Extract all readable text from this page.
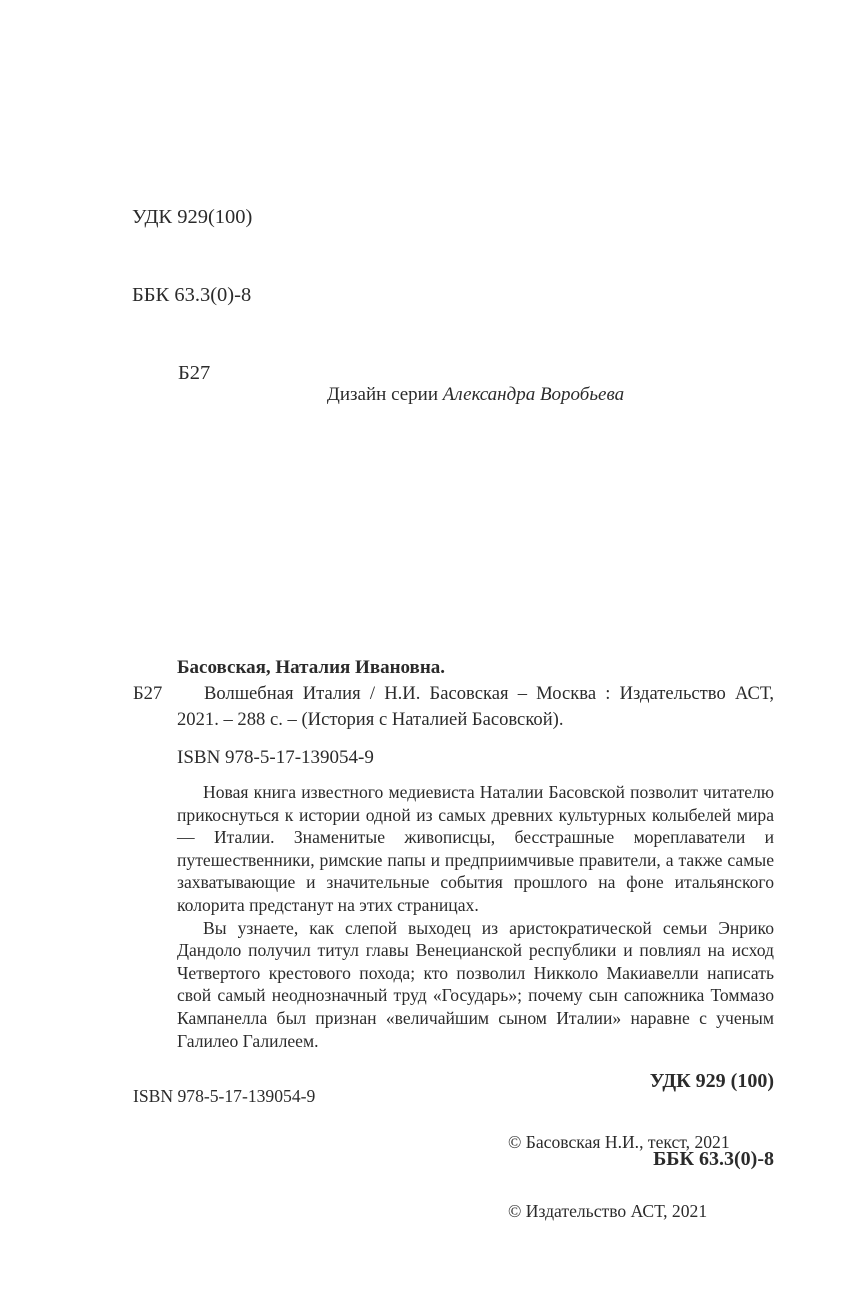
УДК 929(100)

ББК 63.3(0)-8

Б27

Дизайн серии Александра Воробьева
Басовская, Наталия Ивановна.
Б27	Волшебная Италия / Н.И. Басовская – Москва : Издательство АСТ, 2021. – 288 с. – (История с Наталией Басовской).
ISBN 978-5-17-139054-9

Новая книга известного медиевиста Наталии Басовской позволит читателю прикоснуться к истории одной из самых древних культурных колыбелей мира — Италии. Знаменитые живописцы, бесстрашные мореплаватели и путешественники, римские папы и предприимчивые правители, а также самые захватывающие и значительные события прошлого на фоне итальянского колорита предстанут на этих страницах.

Вы узнаете, как слепой выходец из аристократической семьи Энрико Дандоло получил титул главы Венецианской республики и повлиял на исход Четвертого крестового похода; кто позволил Никколо Макиавелли написать свой самый неоднозначный труд «Государь»; почему сын сапожника Томмазо Кампанелла был признан «величайшим сыном Италии» наравне с ученым Галилео Галилеем.

УДК 929 (100)

ББК 63.3(0)-8

ISBN 978-5-17-139054-9

© Басовская Н.И., текст, 2021

© Издательство АСТ, 2021
